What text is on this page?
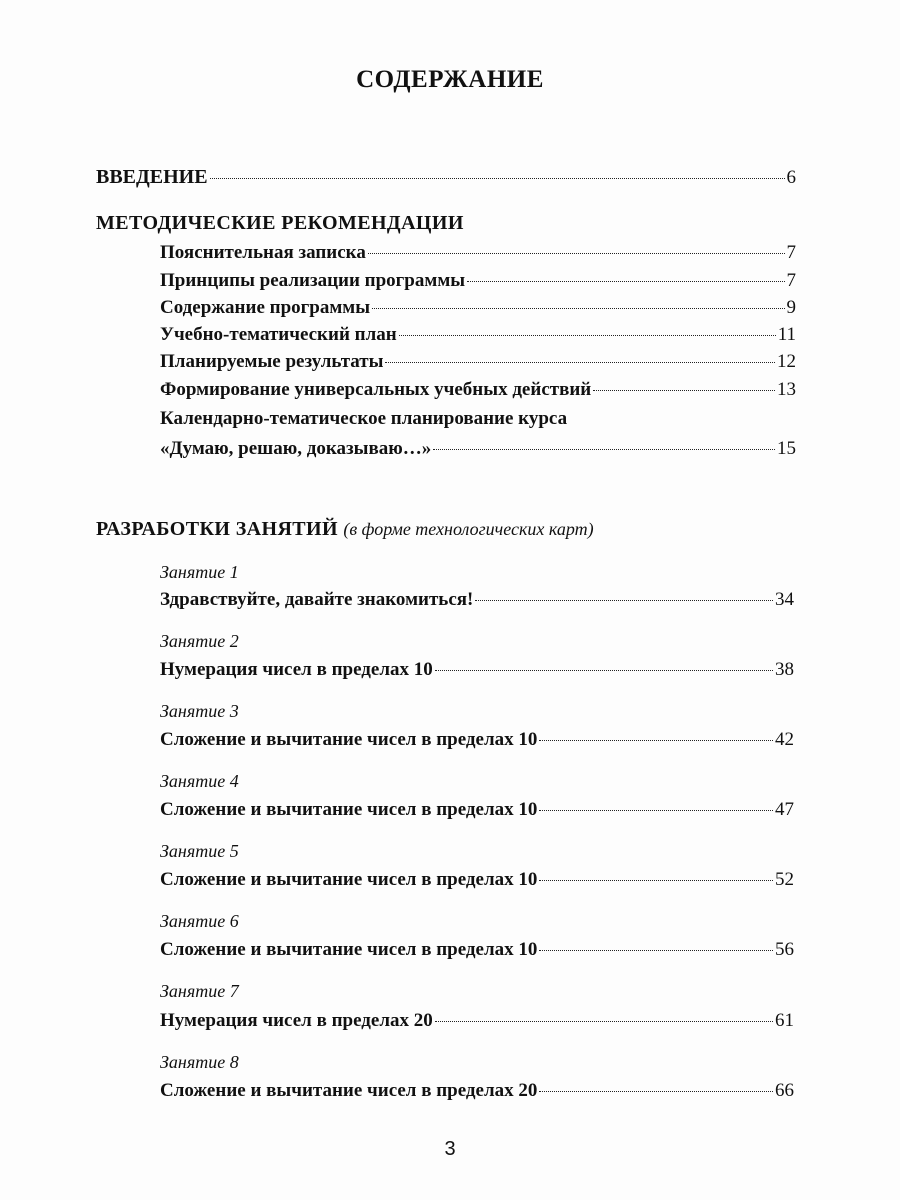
СОДЕРЖАНИЕ
ВВЕДЕНИЕ	6
МЕТОДИЧЕСКИЕ РЕКОМЕНДАЦИИ
Пояснительная записка	7
Принципы реализации программы	7
Содержание программы	9
Учебно-тематический план	11
Планируемые результаты	12
Формирование универсальных учебных действий	13
Календарно-тематическое планирование курса
«Думаю, решаю, доказываю…»	15
РАЗРАБОТКИ ЗАНЯТИЙ (в форме технологических карт)
Занятие 1
Здравствуйте, давайте знакомиться!	34
Занятие 2
Нумерация чисел в пределах 10	38
Занятие 3
Сложение и вычитание чисел в пределах 10	42
Занятие 4
Сложение и вычитание чисел в пределах 10	47
Занятие 5
Сложение и вычитание чисел в пределах 10	52
Занятие 6
Сложение и вычитание чисел в пределах 10	56
Занятие 7
Нумерация чисел в пределах 20	61
Занятие 8
Сложение и вычитание чисел в пределах 20	66
3
